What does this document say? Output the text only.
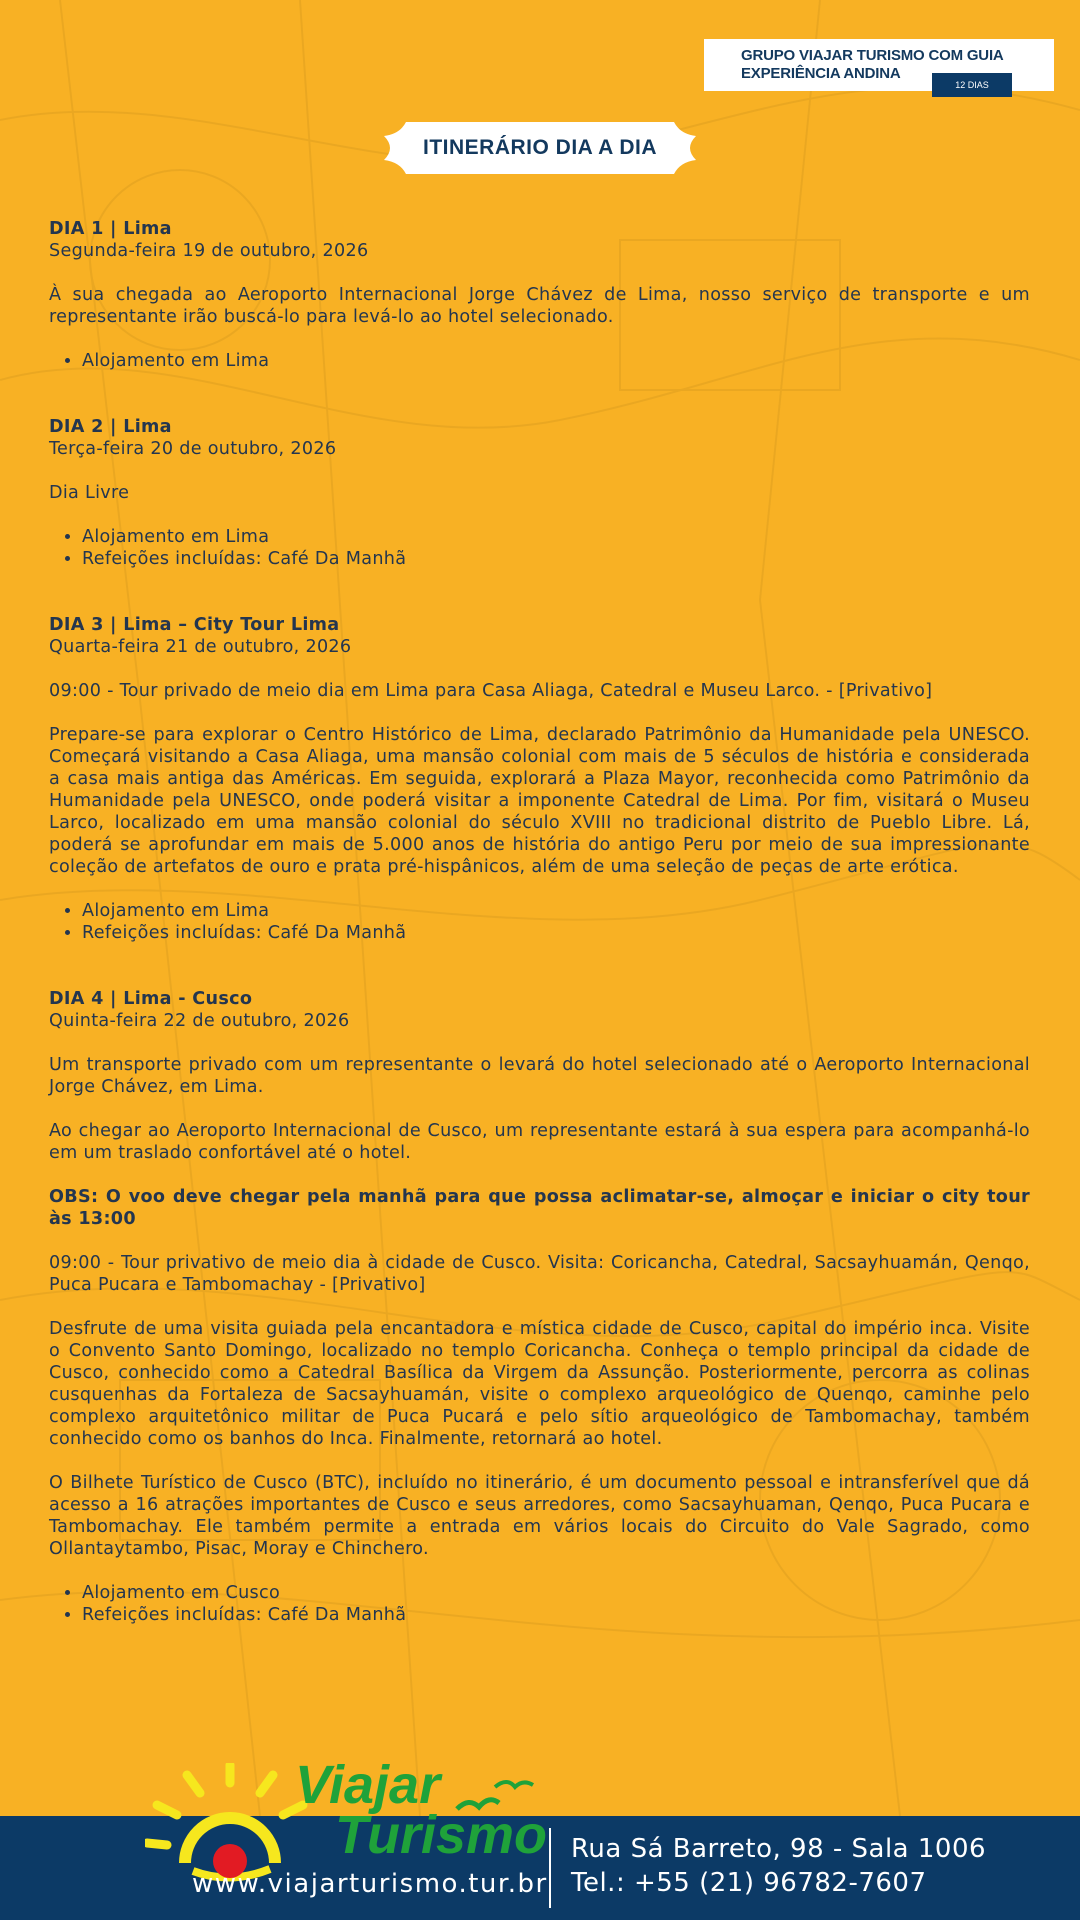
GRUPO VIAJAR TURISMO COM GUIA
EXPERIÊNCIA ANDINA
12 DIAS
ITINERÁRIO DIA A DIA
DIA 1 | Lima
Segunda-feira 19 de outubro, 2026
À sua chegada ao Aeroporto Internacional Jorge Chávez de Lima, nosso serviço de transporte e um representante irão buscá-lo para levá-lo ao hotel selecionado.
• Alojamento em Lima
DIA 2 | Lima
Terça-feira 20 de outubro, 2026
Dia Livre
• Alojamento em Lima
• Refeições incluídas: Café Da Manhã
DIA 3 | Lima – City Tour Lima
Quarta-feira 21 de outubro, 2026
09:00 - Tour privado de meio dia em Lima para Casa Aliaga, Catedral e Museu Larco. - [Privativo]
Prepare-se para explorar o Centro Histórico de Lima, declarado Patrimônio da Humanidade pela UNESCO. Começará visitando a Casa Aliaga, uma mansão colonial com mais de 5 séculos de história e considerada a casa mais antiga das Américas. Em seguida, explorará a Plaza Mayor, reconhecida como Patrimônio da Humanidade pela UNESCO, onde poderá visitar a imponente Catedral de Lima. Por fim, visitará o Museu Larco, localizado em uma mansão colonial do século XVIII no tradicional distrito de Pueblo Libre. Lá, poderá se aprofundar em mais de 5.000 anos de história do antigo Peru por meio de sua impressionante coleção de artefatos de ouro e prata pré-hispânicos, além de uma seleção de peças de arte erótica.
• Alojamento em Lima
• Refeições incluídas: Café Da Manhã
DIA 4 | Lima - Cusco
Quinta-feira 22 de outubro, 2026
Um transporte privado com um representante o levará do hotel selecionado até o Aeroporto Internacional Jorge Chávez, em Lima.
Ao chegar ao Aeroporto Internacional de Cusco, um representante estará à sua espera para acompanhá-lo em um traslado confortável até o hotel.
OBS: O voo deve chegar pela manhã para que possa aclimatar-se, almoçar e iniciar o city tour às 13:00
09:00 - Tour privativo de meio dia à cidade de Cusco. Visita: Coricancha, Catedral, Sacsayhuamán, Qenqo, Puca Pucara e Tambomachay - [Privativo]
Desfrute de uma visita guiada pela encantadora e mística cidade de Cusco, capital do império inca. Visite o Convento Santo Domingo, localizado no templo Coricancha. Conheça o templo principal da cidade de Cusco, conhecido como a Catedral Basílica da Virgem da Assunção. Posteriormente, percorra as colinas cusquenhas da Fortaleza de Sacsayhuamán, visite o complexo arqueológico de Quenqo, caminhe pelo complexo arquitetônico militar de Puca Pucará e pelo sítio arqueológico de Tambomachay, também conhecido como os banhos do Inca. Finalmente, retornará ao hotel.
O Bilhete Turístico de Cusco (BTC), incluído no itinerário, é um documento pessoal e intransferível que dá acesso a 16 atrações importantes de Cusco e seus arredores, como Sacsayhuaman, Qenqo, Puca Pucara e Tambomachay. Ele também permite a entrada em vários locais do Circuito do Vale Sagrado, como Ollantaytambo, Pisac, Moray e Chinchero.
• Alojamento em Cusco
• Refeições incluídas: Café Da Manhã
Viajar
Turismo
www.viajarturismo.tur.br
Rua Sá Barreto, 98 - Sala 1006
Tel.: +55 (21) 96782-7607
